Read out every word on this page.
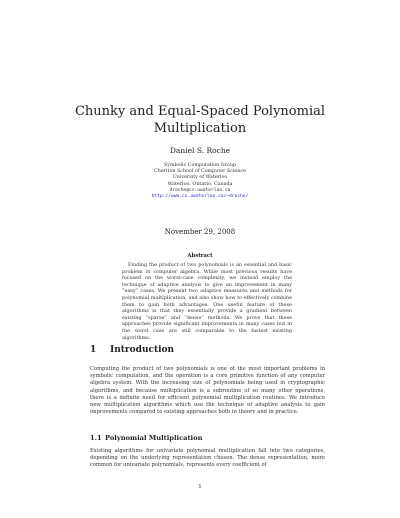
Chunky and Equal-Spaced Polynomial
Multiplication
Daniel S. Roche
Symbolic Computation Group
Cheriton School of Computer Science
University of Waterloo
Waterloo, Ontario, Canada
droche@cs.uwaterloo.ca
http://www.cs.uwaterloo.ca/~droche/
November 29, 2008
Abstract
Finding the product of two polynomials is an essential and basic problem in computer algebra. While most previous results have focused on the worst-case complexity, we instead employ the technique of adaptive analysis to give an improvement in many “easy” cases. We present two adaptive measures and methods for polynomial multiplication, and also show how to effectively combine them to gain both advantages. One useful feature of these algorithms is that they essentially provide a gradient between existing “sparse” and “dense” methods. We prove that these approaches provide significant improvements in many cases but in the worst case are still comparable to the fastest existing algorithms.
1 Introduction
Computing the product of two polynomials is one of the most important problems in symbolic computation, and the operation is a core primitive function of any computer algebra system. With the increasing size of polynomials being used in cryptographic algorithms, and because multiplication is a subroutine of so many other operations, there is a definite need for efficient polynomial multiplication routines. We introduce new multiplication algorithms which use the technique of adaptive analysis to gain improvements compared to existing approaches both in theory and in practice.
1.1 Polynomial Multiplication
Existing algorithms for univariate polynomial multiplication fall into two categories, depending on the underlying representation chosen. The dense representation, more common for univariate polynomials, represents every coefficient of
1
